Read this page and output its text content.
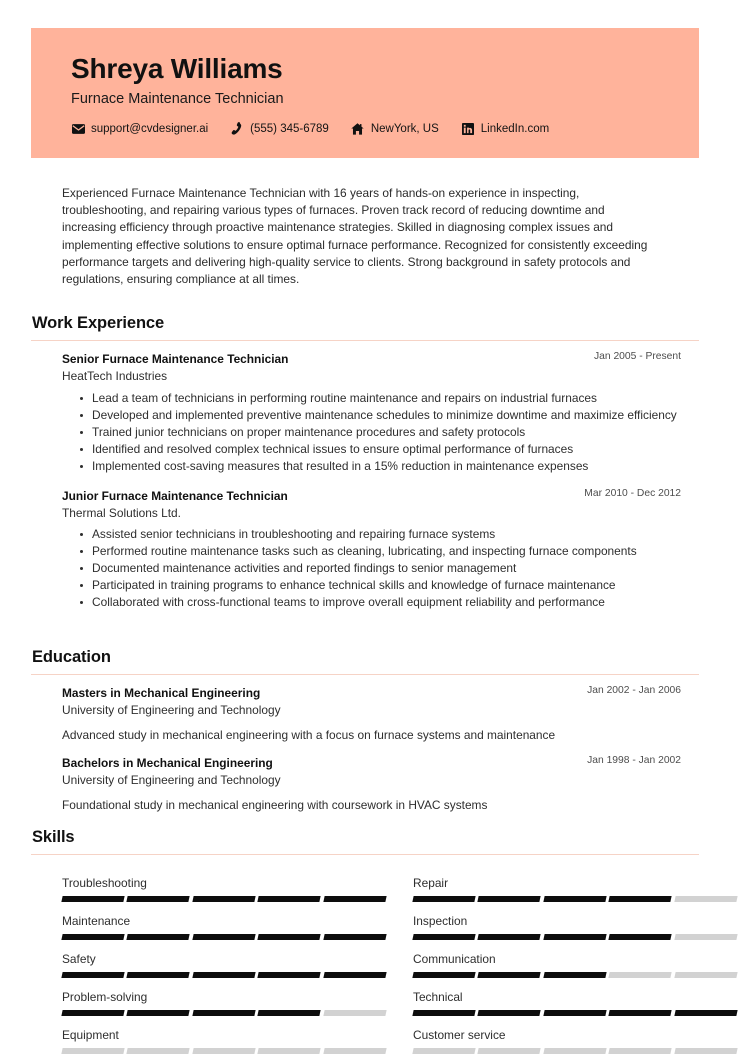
Shreya Williams
Furnace Maintenance Technician
support@cvdesigner.ai	(555) 345-6789	NewYork, US	LinkedIn.com
Experienced Furnace Maintenance Technician with 16 years of hands-on experience in inspecting, troubleshooting, and repairing various types of furnaces. Proven track record of reducing downtime and increasing efficiency through proactive maintenance strategies. Skilled in diagnosing complex issues and implementing effective solutions to ensure optimal furnace performance. Recognized for consistently exceeding performance targets and delivering high-quality service to clients. Strong background in safety protocols and regulations, ensuring compliance at all times.
Work Experience
Senior Furnace Maintenance Technician	Jan 2005 - Present
HeatTech Industries
Lead a team of technicians in performing routine maintenance and repairs on industrial furnaces
Developed and implemented preventive maintenance schedules to minimize downtime and maximize efficiency
Trained junior technicians on proper maintenance procedures and safety protocols
Identified and resolved complex technical issues to ensure optimal performance of furnaces
Implemented cost-saving measures that resulted in a 15% reduction in maintenance expenses
Junior Furnace Maintenance Technician	Mar 2010 - Dec 2012
Thermal Solutions Ltd.
Assisted senior technicians in troubleshooting and repairing furnace systems
Performed routine maintenance tasks such as cleaning, lubricating, and inspecting furnace components
Documented maintenance activities and reported findings to senior management
Participated in training programs to enhance technical skills and knowledge of furnace maintenance
Collaborated with cross-functional teams to improve overall equipment reliability and performance
Education
Masters in Mechanical Engineering	Jan 2002 - Jan 2006
University of Engineering and Technology
Advanced study in mechanical engineering with a focus on furnace systems and maintenance
Bachelors in Mechanical Engineering	Jan 1998 - Jan 2002
University of Engineering and Technology
Foundational study in mechanical engineering with coursework in HVAC systems
Skills
Troubleshooting	Repair
Maintenance	Inspection
Safety	Communication
Problem-solving	Technical
Equipment	Customer service
